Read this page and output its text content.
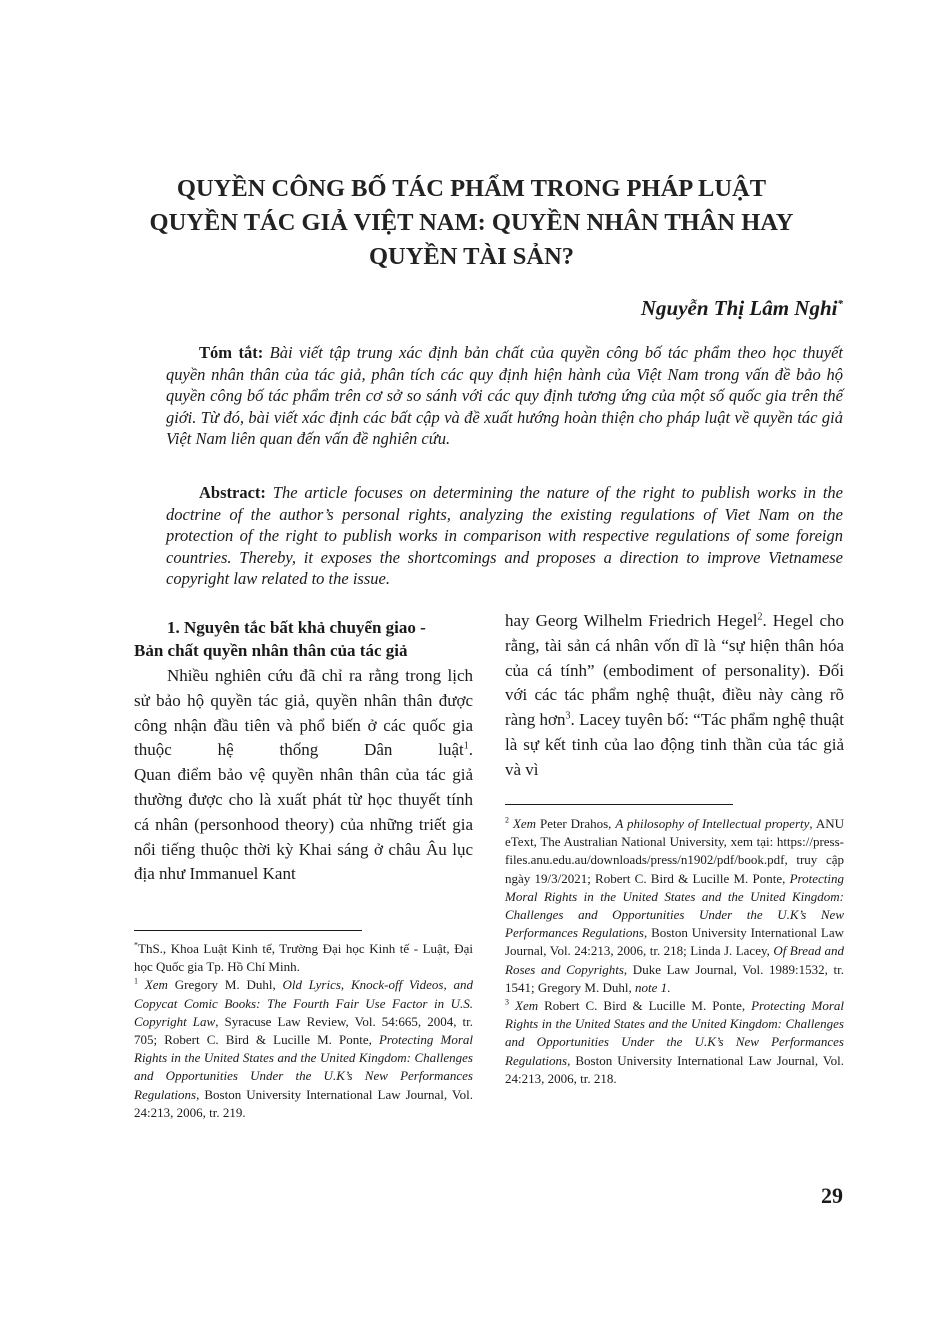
QUYỀN CÔNG BỐ TÁC PHẨM TRONG PHÁP LUẬT
QUYỀN TÁC GIẢ VIỆT NAM: QUYỀN NHÂN THÂN HAY
QUYỀN TÀI SẢN?
Nguyễn Thị Lâm Nghi*
Tóm tắt: Bài viết tập trung xác định bản chất của quyền công bố tác phẩm theo học thuyết quyền nhân thân của tác giả, phân tích các quy định hiện hành của Việt Nam trong vấn đề bảo hộ quyền công bố tác phẩm trên cơ sở so sánh với các quy định tương ứng của một số quốc gia trên thế giới. Từ đó, bài viết xác định các bất cập và đề xuất hướng hoàn thiện cho pháp luật về quyền tác giả Việt Nam liên quan đến vấn đề nghiên cứu.
Abstract: The article focuses on determining the nature of the right to publish works in the doctrine of the author’s personal rights, analyzing the existing regulations of Viet Nam on the protection of the right to publish works in comparison with respective regulations of some foreign countries. Thereby, it exposes the shortcomings and proposes a direction to improve Vietnamese copyright law related to the issue.
1. Nguyên tắc bất khả chuyển giao -
Bản chất quyền nhân thân của tác giả
Nhiều nghiên cứu đã chỉ ra rằng trong lịch sử bảo hộ quyền tác giả, quyền nhân thân được công nhận đầu tiên và phổ biến ở các quốc gia thuộc hệ thống Dân luật$^1$.
Quan điểm bảo vệ quyền nhân thân của tác giả thường được cho là xuất phát từ học thuyết tính cá nhân (personhood theory) của những triết gia nổi tiếng thuộc thời kỳ Khai sáng ở châu Âu lục địa như Immanuel Kant
hay Georg Wilhelm Friedrich Hegel$^2$. Hegel cho rằng, tài sản cá nhân vốn dĩ là “sự hiện thân hóa của cá tính” (embodiment of personality). Đối với các tác phẩm nghệ thuật, điều này càng rõ ràng hơn$^3$. Lacey tuyên bố: “Tác phẩm nghệ thuật là sự kết tinh của lao động tinh thần của tác giả và vì

*ThS., Khoa Luật Kinh tế, Trường Đại học Kinh tế - Luật, Đại học Quốc gia Tp. Hồ Chí Minh.

$^1$ Xem Gregory M. Duhl, Old Lyrics, Knock-off Videos, and Copycat Comic Books: The Fourth Fair Use Factor in U.S. Copyright Law, Syracuse Law Review, Vol. 54:665, 2004, tr. 705; Robert C. Bird & Lucille M. Ponte, Protecting Moral Rights in the United States and the United Kingdom: Challenges and Opportunities Under the U.K’s New Performances Regulations, Boston University International Law Journal, Vol. 24:213, 2006, tr. 219.

$^2$ Xem Peter Drahos, A philosophy of Intellectual property, ANU eText, The Australian National University, xem tại: https://press-files.anu.edu.au/downloads/press/n1902/pdf/book.pdf, truy cập ngày 19/3/2021; Robert C. Bird & Lucille M. Ponte, Protecting Moral Rights in the United States and the United Kingdom: Challenges and Opportunities Under the U.K’s New Performances Regulations, Boston University International Law Journal, Vol. 24:213, 2006, tr. 218; Linda J. Lacey, Of Bread and Roses and Copyrights, Duke Law Journal, Vol. 1989:1532, tr. 1541; Gregory M. Duhl, note 1.

$^3$ Xem Robert C. Bird & Lucille M. Ponte, Protecting Moral Rights in the United States and the United Kingdom: Challenges and Opportunities Under the U.K’s New Performances Regulations, Boston University International Law Journal, Vol. 24:213, 2006, tr. 218.

29
